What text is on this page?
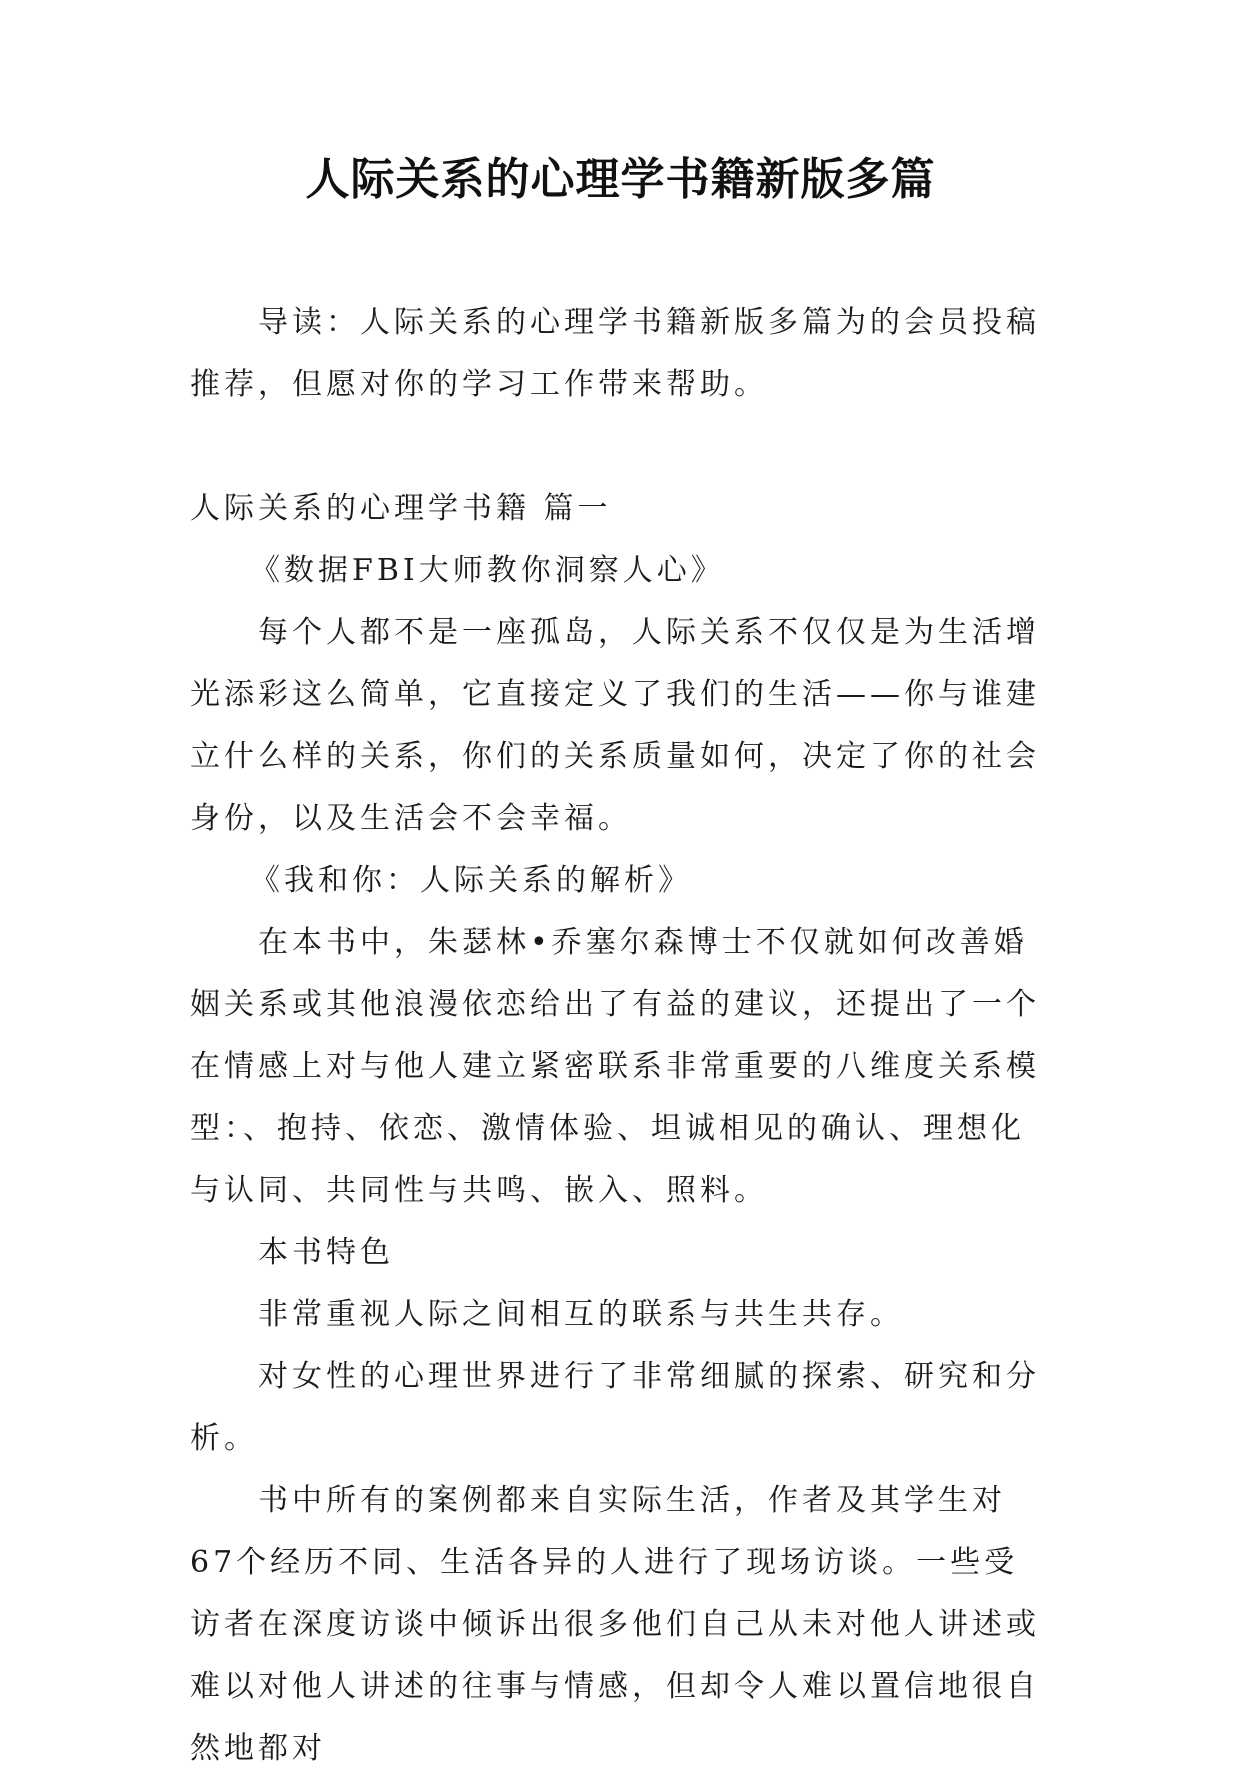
人际关系的心理学书籍新版多篇

导读：人际关系的心理学书籍新版多篇为的会员投稿推荐，但愿对你的学习工作带来帮助。

人际关系的心理学书籍 篇一

《数据FBI大师教你洞察人心》

每个人都不是一座孤岛，人际关系不仅仅是为生活增光添彩这么简单，它直接定义了我们的生活——你与谁建立什么样的关系，你们的关系质量如何，决定了你的社会身份，以及生活会不会幸福。

《我和你：人际关系的解析》

在本书中，朱瑟林•乔塞尔森博士不仅就如何改善婚姻关系或其他浪漫依恋给出了有益的建议，还提出了一个在情感上对与他人建立紧密联系非常重要的八维度关系模型：、抱持、依恋、激情体验、坦诚相见的确认、理想化与认同、共同性与共鸣、嵌入、照料。

本书特色

非常重视人际之间相互的联系与共生共存。

对女性的心理世界进行了非常细腻的探索、研究和分析。

书中所有的案例都来自实际生活，作者及其学生对67个经历不同、生活各异的人进行了现场访谈。一些受访者在深度访谈中倾诉出很多他们自己从未对他人讲述或难以对他人讲述的往事与情感，但却令人难以置信地很自然地都对
